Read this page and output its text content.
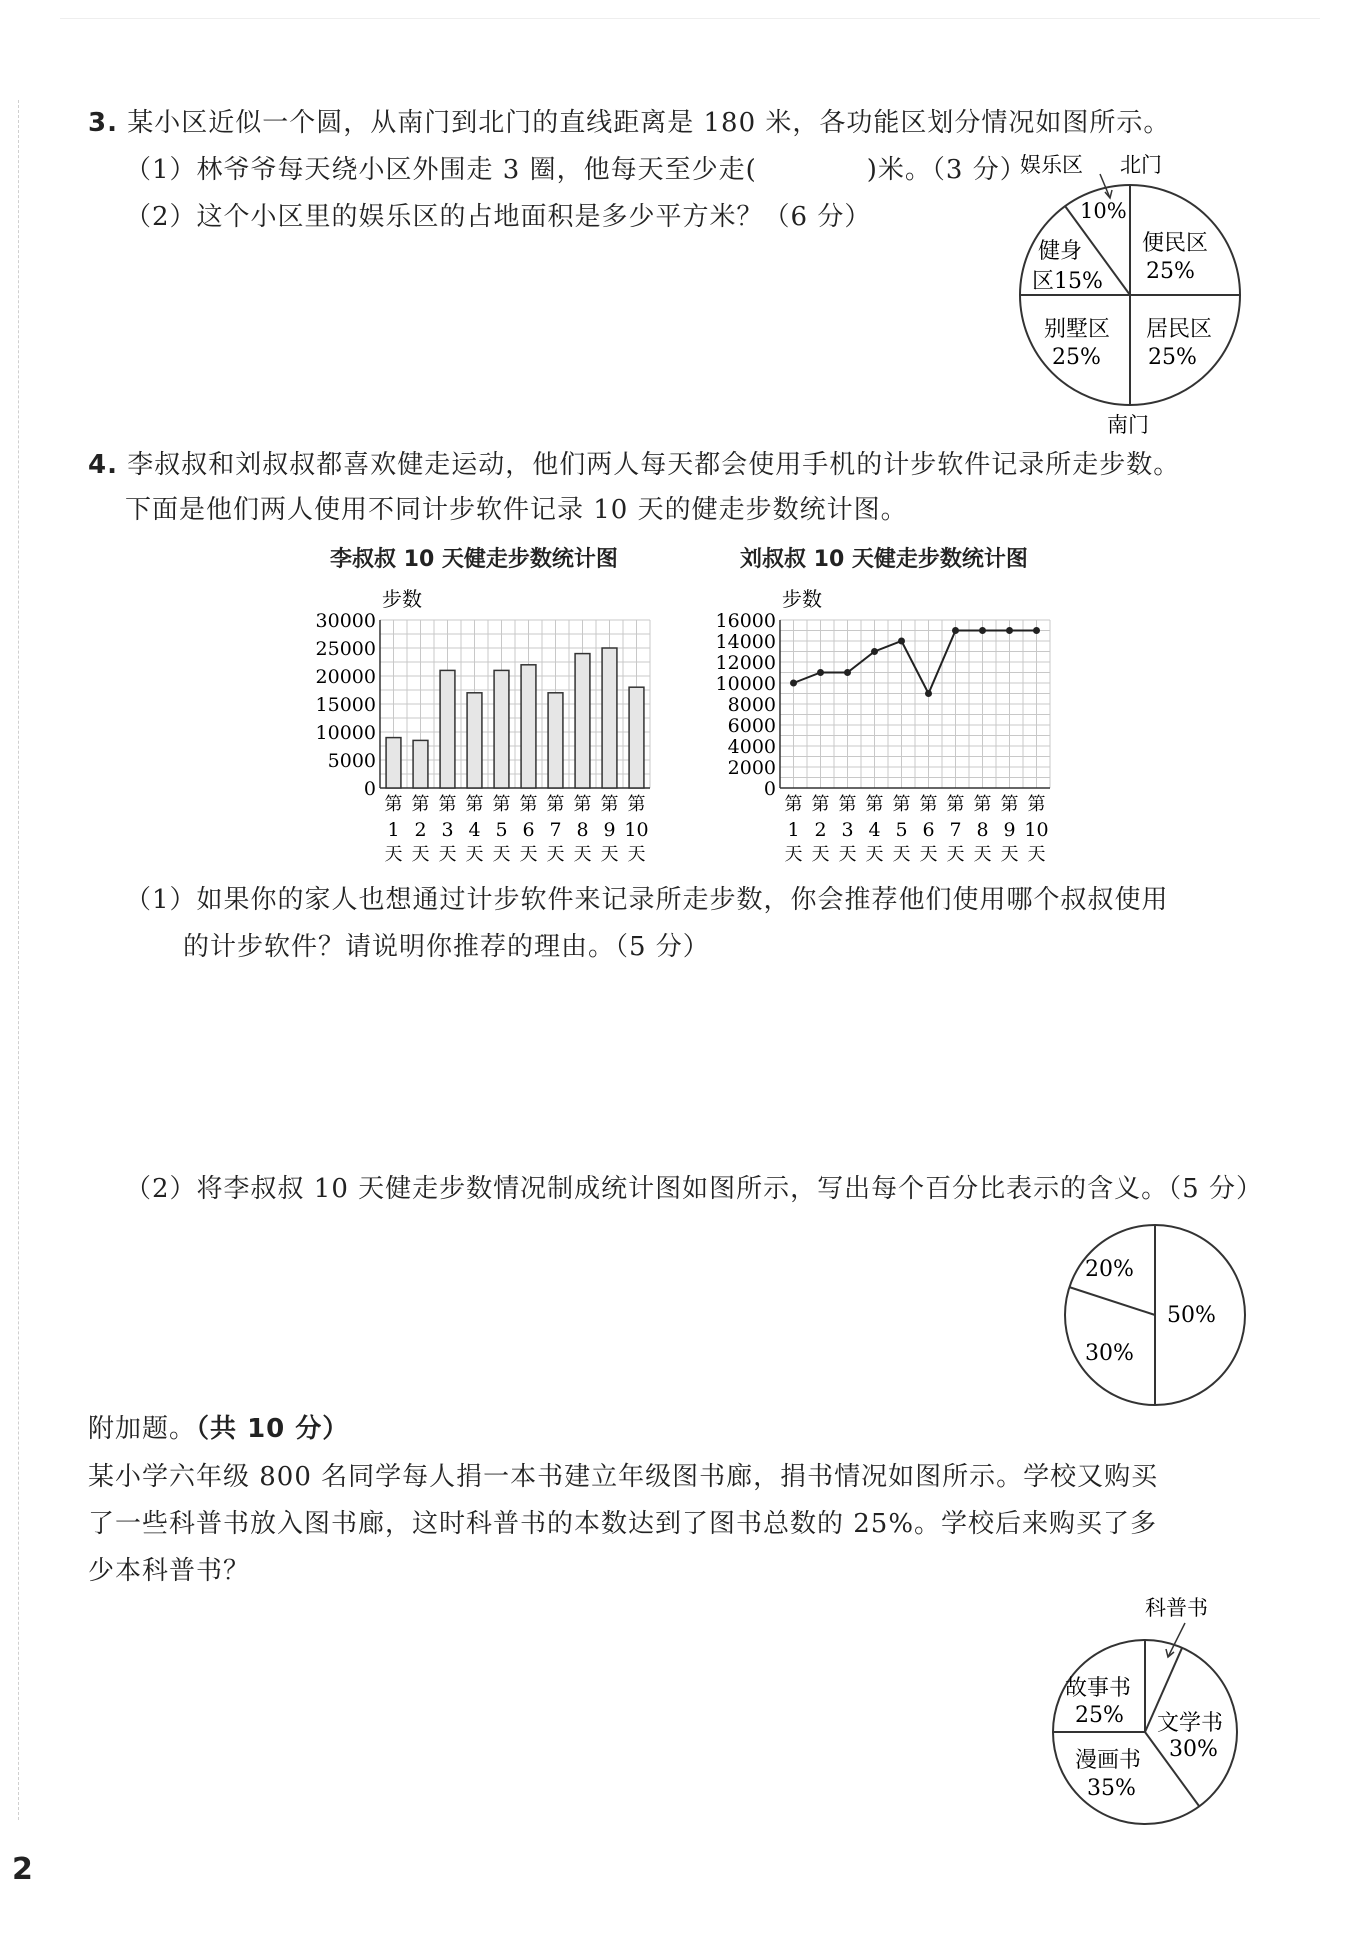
3. 某小区近似一个圆，从南门到北门的直线距离是 180 米，各功能区划分情况如图所示。
（1）林爷爷每天绕小区外围走 3 圈，他每天至少走(	)米。（3 分）
（2）这个小区里的娱乐区的占地面积是多少平方米？（6 分）
娱乐区 北门
10%
健身
区15%
便民区
25%
别墅区
25%
居民区
25%
南门
4. 李叔叔和刘叔叔都喜欢健走运动，他们两人每天都会使用手机的计步软件记录所走步数。
下面是他们两人使用不同计步软件记录 10 天的健走步数统计图。
李叔叔 10 天健走步数统计图	刘叔叔 10 天健走步数统计图
步数
0
5000
10000
15000
20000
25000
30000
第
1
天
第
2
天
第
3
天
第
4
天
第
5
天
第
6
天
第
7
天
第
8
天
第
9
天
第
10
天
步数
0
2000
4000
6000
8000
10000
12000
14000
16000
第
1
天
第
2
天
第
3
天
第
4
天
第
5
天
第
6
天
第
7
天
第
8
天
第
9
天
第
10
天
（1）如果你的家人也想通过计步软件来记录所走步数，你会推荐他们使用哪个叔叔使用
的计步软件？请说明你推荐的理由。（5 分）
（2）将李叔叔 10 天健走步数情况制成统计图如图所示，写出每个百分比表示的含义。（5 分）
20%
50%
30%
附加题。（共 10 分）
某小学六年级 800 名同学每人捐一本书建立年级图书廊，捐书情况如图所示。学校又购买
了一些科普书放入图书廊，这时科普书的本数达到了图书总数的 25%。学校后来购买了多
少本科普书？
科普书
故事书
25% 文学书
30%
漫画书
35%
2
